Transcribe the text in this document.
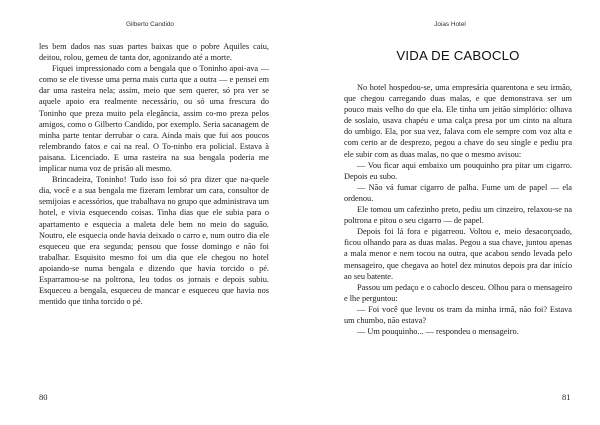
Gilberto Candido

les bem dados nas suas partes baixas que o pobre Aquiles caiu, deitou, rolou, gemeu de tanta dor, agonizando até a morte.

Fiquei impressionado com a bengala que o Toninho apoi-ava — como se ele tivesse uma perna mais curta que a outra — e pensei em dar uma rasteira nela; assim, meio que sem querer, só pra ver se aquele apoio era realmente necessário, ou só uma frescura do Toninho que preza muito pela elegância, assim co-mo preza pelos amigos, como o Gilberto Candido, por exemplo. Seria sacanagem de minha parte tentar derrubar o cara. Ainda mais que fui aos poucos relembrando fatos e caí na real. O To-ninho era policial. Estava à paisana. Licenciado. E uma rasteira na sua bengala poderia me implicar numa voz de prisão ali mesmo.

Brincadeira, Toninho! Tudo isso foi só pra dizer que na-quele dia, você e a sua bengala me fizeram lembrar um cara, consultor de semijoias e acessórios, que trabalhava no grupo que administrava um hotel, e vivia esquecendo coisas. Tinha dias que ele subia para o apartamento e esquecia a maleta dele bem no meio do saguão. Noutro, ele esquecia onde havia deixado o carro e, num outro dia ele esqueceu que era segunda; pensou que fosse domingo e não foi trabalhar. Esquisito mesmo foi um dia que ele chegou no hotel apoiando-se numa bengala e dizendo que havia torcido o pé. Esparramou-se na poltrona, leu todos os jornais e depois subiu. Esqueceu a bengala, esqueceu de mancar e esqueceu que havia nos mentido que tinha torcido o pé.

80
Joias Hotel
VIDA DE CABOCLO

No hotel hospedou-se, uma empresária quarentona e seu irmão, que chegou carregando duas malas, e que demonstrava ser um pouco mais velho do que ela. Ele tinha um jeitão simplório: olhava de soslaio, usava chapéu e uma calça presa por um cinto na altura do umbigo. Ela, por sua vez, falava com ele sempre com voz alta e com certo ar de desprezo, pegou a chave do seu single e pediu pra ele subir com as duas malas, no que o mesmo avisou:

— Vou ficar aqui embaixo um pouquinho pra pitar um cigarro. Depois eu subo.

— Não vá fumar cigarro de palha. Fume um de papel — ela ordenou.

Ele tomou um cafezinho preto, pediu um cinzeiro, relaxou-se na poltrona e pitou o seu cigarro — de papel.

Depois foi lá fora e pigarreou. Voltou e, meio desacorçoado, ficou olhando para as duas malas. Pegou a sua chave, juntou apenas a mala menor e nem tocou na outra, que acabou sendo levada pelo mensageiro, que chegava ao hotel dez minutos depois pra dar início ao seu batente.

Passou um pedaço e o caboclo desceu. Olhou para o mensageiro e lhe perguntou:

— Foi você que levou os tram da minha irmã, não foi? Estava um chumbo, não estava?

— Um pouquinho... — respondeu o mensageiro.

81
